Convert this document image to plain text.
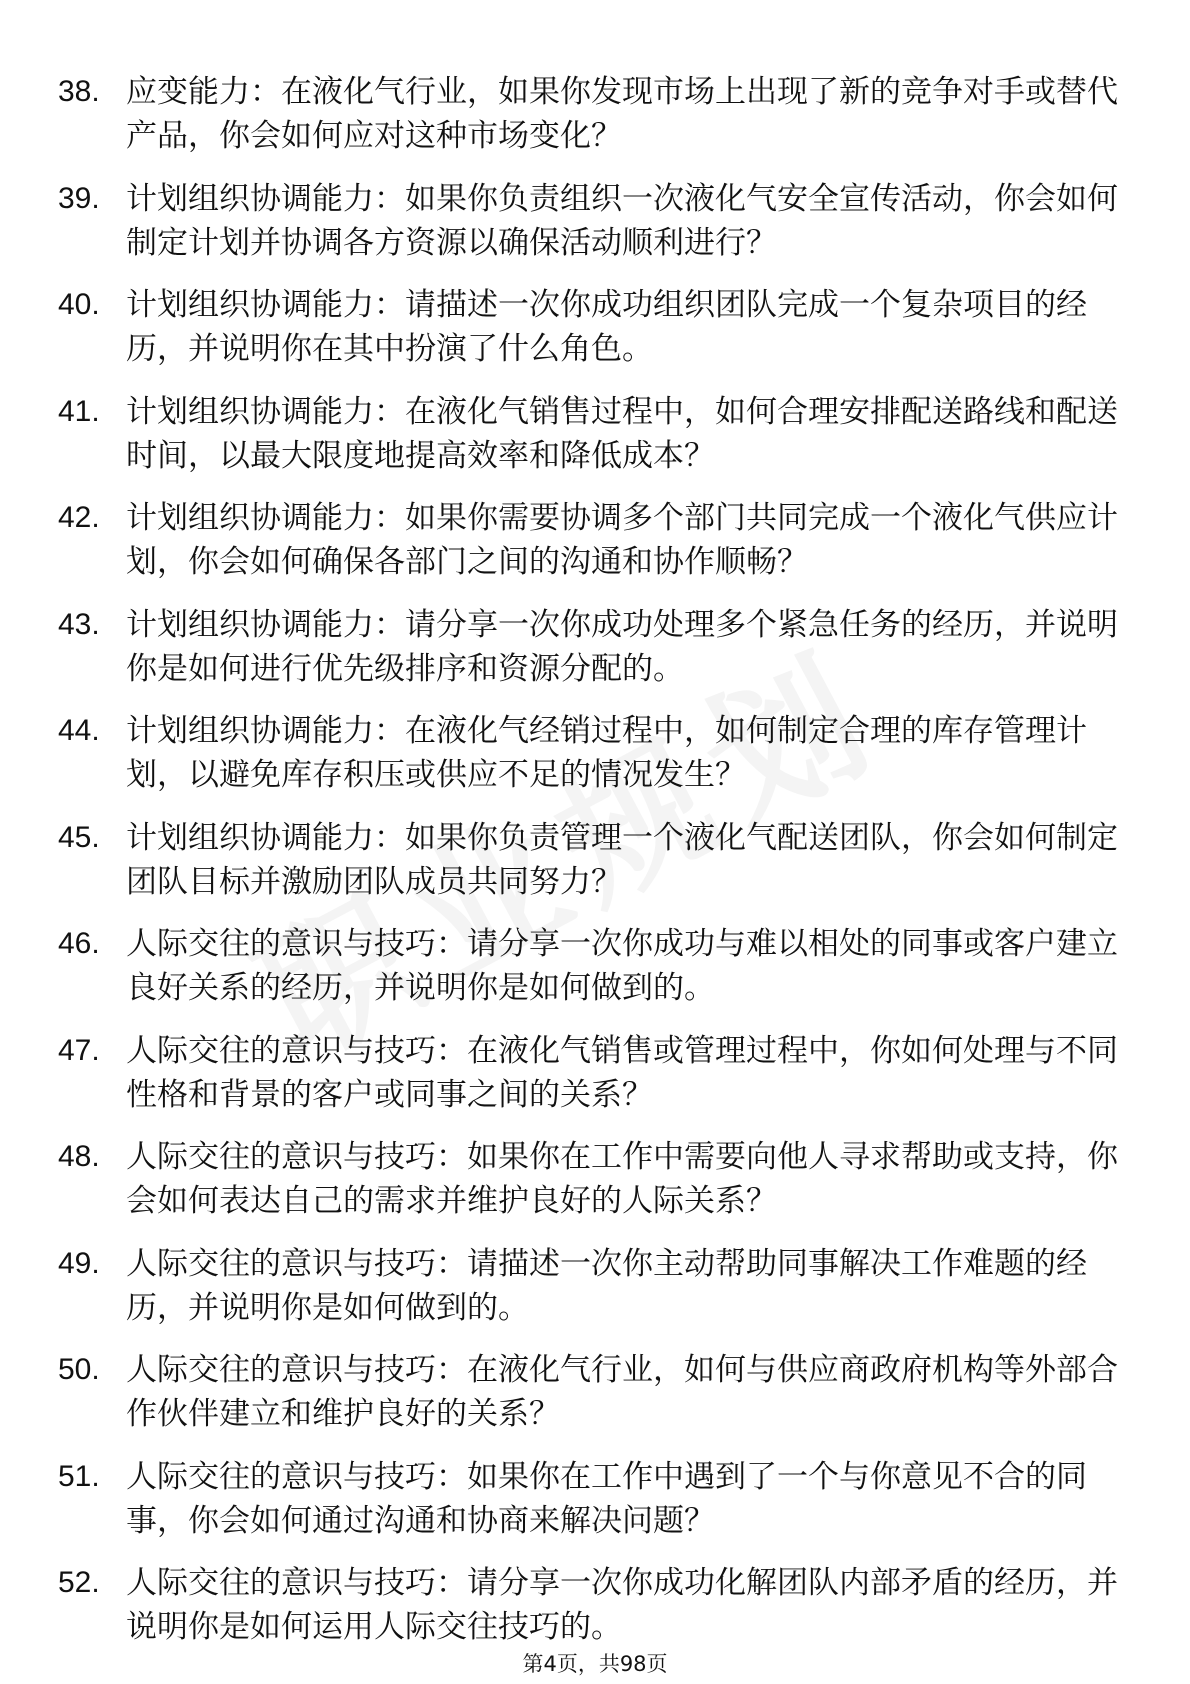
38. 应变能力：在液化气行业，如果你发现市场上出现了新的竞争对手或替代产品，你会如何应对这种市场变化？
39. 计划组织协调能力：如果你负责组织一次液化气安全宣传活动，你会如何制定计划并协调各方资源以确保活动顺利进行？
40. 计划组织协调能力：请描述一次你成功组织团队完成一个复杂项目的经历，并说明你在其中扮演了什么角色。
41. 计划组织协调能力：在液化气销售过程中，如何合理安排配送路线和配送时间，以最大限度地提高效率和降低成本？
42. 计划组织协调能力：如果你需要协调多个部门共同完成一个液化气供应计划，你会如何确保各部门之间的沟通和协作顺畅？
43. 计划组织协调能力：请分享一次你成功处理多个紧急任务的经历，并说明你是如何进行优先级排序和资源分配的。
44. 计划组织协调能力：在液化气经销过程中，如何制定合理的库存管理计划，以避免库存积压或供应不足的情况发生？
45. 计划组织协调能力：如果你负责管理一个液化气配送团队，你会如何制定团队目标并激励团队成员共同努力？
46. 人际交往的意识与技巧：请分享一次你成功与难以相处的同事或客户建立良好关系的经历，并说明你是如何做到的。
47. 人际交往的意识与技巧：在液化气销售或管理过程中，你如何处理与不同性格和背景的客户或同事之间的关系？
48. 人际交往的意识与技巧：如果你在工作中需要向他人寻求帮助或支持，你会如何表达自己的需求并维护良好的人际关系？
49. 人际交往的意识与技巧：请描述一次你主动帮助同事解决工作难题的经历，并说明你是如何做到的。
50. 人际交往的意识与技巧：在液化气行业，如何与供应商政府机构等外部合作伙伴建立和维护良好的关系？
51. 人际交往的意识与技巧：如果你在工作中遇到了一个与你意见不合的同事，你会如何通过沟通和协商来解决问题？
52. 人际交往的意识与技巧：请分享一次你成功化解团队内部矛盾的经历，并说明你是如何运用人际交往技巧的。
第4页，共98页
